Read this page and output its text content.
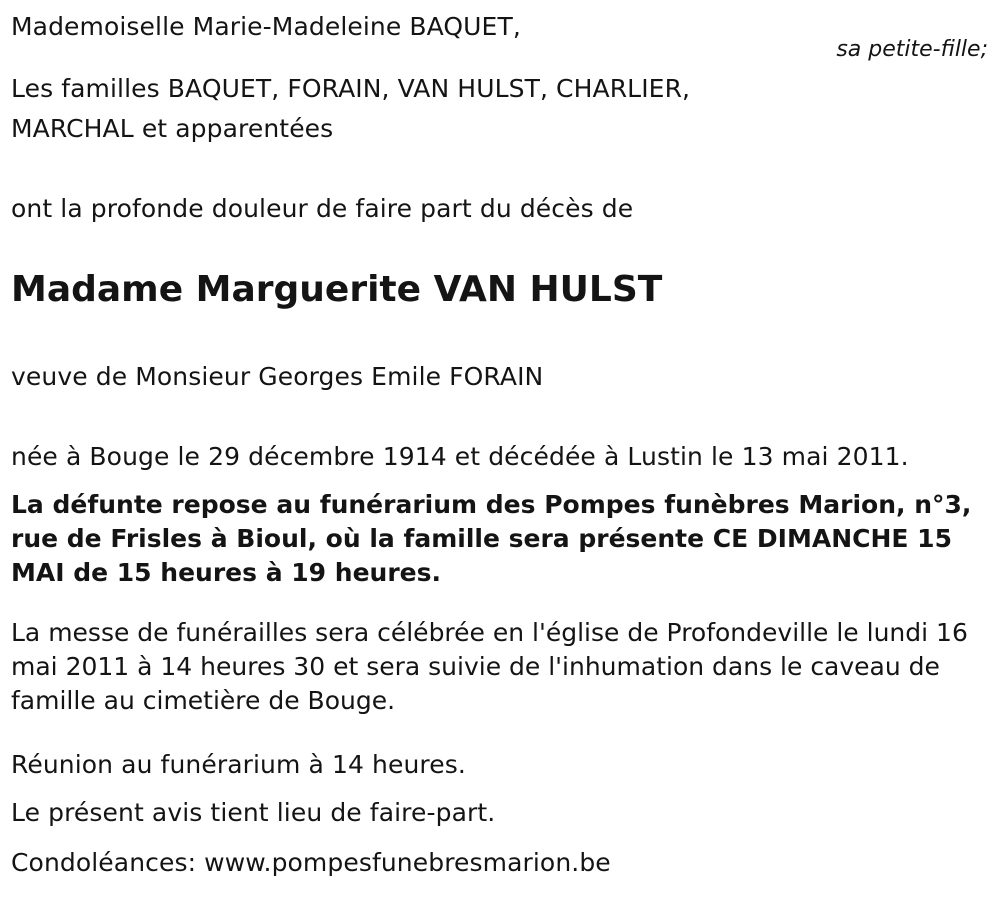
Mademoiselle Marie-Madeleine BAQUET,

sa petite-fille;

Les familles BAQUET, FORAIN, VAN HULST, CHARLIER,

MARCHAL et apparentées

ont la profonde douleur de faire part du décès de

Madame Marguerite VAN HULST

veuve de Monsieur Georges Emile FORAIN

née à Bouge le 29 décembre 1914 et décédée à Lustin le 13 mai 2011.

La défunte repose au funérarium des Pompes funèbres Marion, n°3, rue de Frisles à Bioul, où la famille sera présente CE DIMANCHE 15 MAI de 15 heures à 19 heures.

La messe de funérailles sera célébrée en l'église de Profondeville le lundi 16 mai 2011 à 14 heures 30 et sera suivie de l'inhumation dans le caveau de famille au cimetière de Bouge.

Réunion au funérarium à 14 heures.

Le présent avis tient lieu de faire-part.

Condoléances: www.pompesfunebresmarion.be
